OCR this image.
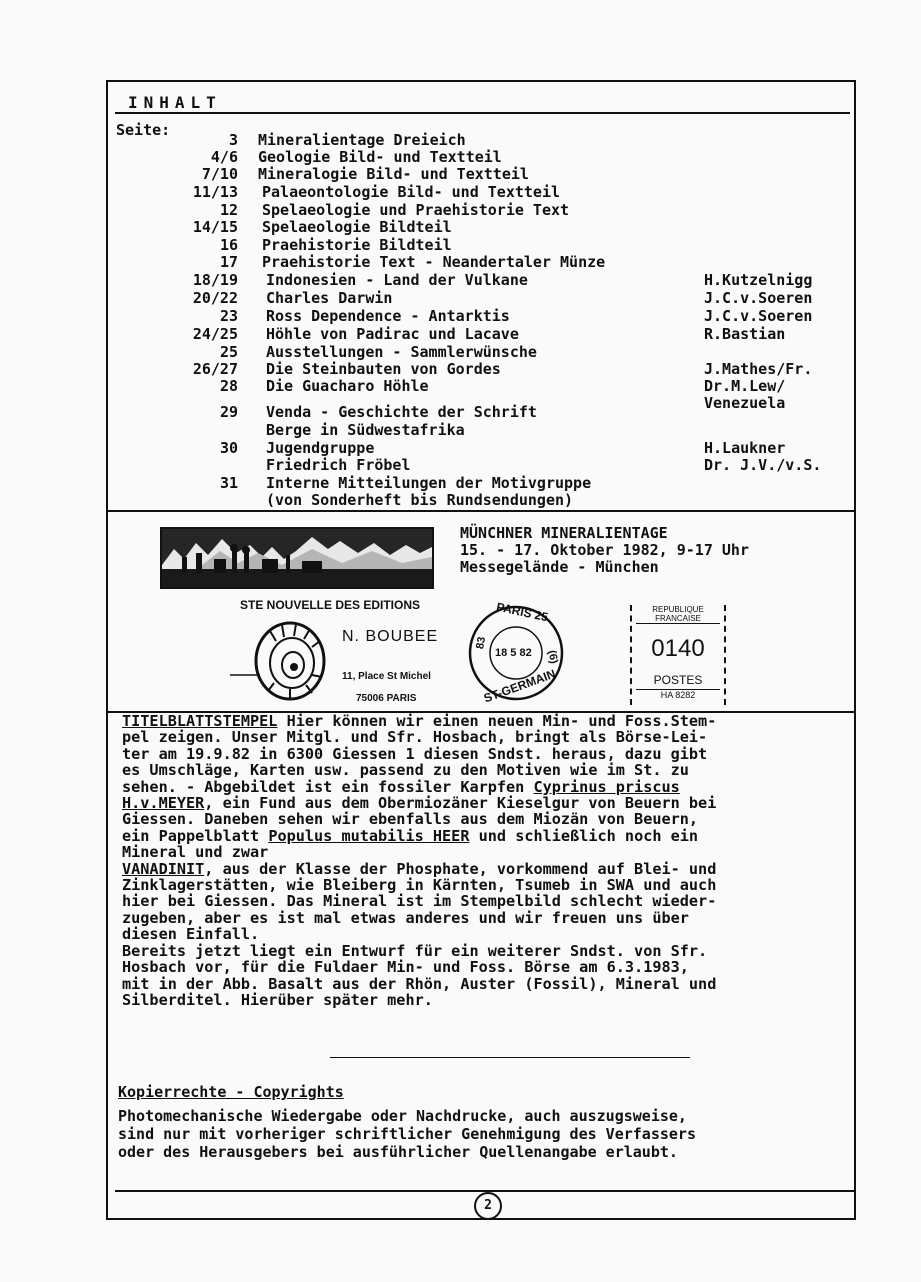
INHALT
Seite:
3 Mineralientage Dreieich
4/6 Geologie Bild- und Textteil
7/10 Mineralogie Bild- und Textteil
11/13 Palaeontologie Bild- und Textteil
12 Spelaeologie und Praehistorie Text
14/15 Spelaeologie Bildteil
16 Praehistorie Bildteil
17 Praehistorie Text - Neandertaler Münze
18/19 Indonesien - Land der Vulkane	H.Kutzelnigg
20/22 Charles Darwin	J.C.v.Soeren
23 Ross Dependence - Antarktis	J.C.v.Soeren
24/25 Höhle von Padirac und Lacave	R.Bastian
25 Ausstellungen - Sammlerwünsche
26/27 Die Steinbauten von Gordes	J.Mathes/Fr.
28 Die Guacharo Höhle	Dr.M.Lew/
Venezuela
29 Venda - Geschichte der Schrift
Berge in Südwestafrika
30 Jugendgruppe	H.Laukner
Friedrich Fröbel	Dr. J.V./v.S.
31 Interne Mitteilungen der Motivgruppe
(von Sonderheft bis Rundsendungen)
MÜNCHNER MINERALIENTAGE
15. - 17. Oktober 1982, 9-17 Uhr
Messegelände - München
STE NOUVELLE DES EDITIONS
N. BOUBEE
11, Place St Michel
75006 PARIS
PARIS 25
83
18 5 82 (6)
ST-GERMAIN
REPUBLIQUE FRANCAISE
0140
POSTES
HA 8282
TITELBLATTSTEMPEL Hier können wir einen neuen Min- und Foss.Stem-
pel zeigen. Unser Mitgl. und Sfr. Hosbach, bringt als Börse-Lei-
ter am 19.9.82 in 6300 Giessen 1 diesen Sndst. heraus, dazu gibt
es Umschläge, Karten usw. passend zu den Motiven wie im St. zu
sehen. - Abgebildet ist ein fossiler Karpfen Cyprinus priscus
H.v.MEYER, ein Fund aus dem Obermiozäner Kieselgur von Beuern bei
Giessen. Daneben sehen wir ebenfalls aus dem Miozän von Beuern,
ein Pappelblatt Populus mutabilis HEER und schließlich noch ein
Mineral und zwar
VANADINIT, aus der Klasse der Phosphate, vorkommend auf Blei- und
Zinklagerstätten, wie Bleiberg in Kärnten, Tsumeb in SWA und auch
hier bei Giessen. Das Mineral ist im Stempelbild schlecht wieder-
zugeben, aber es ist mal etwas anderes und wir freuen uns über
diesen Einfall.
Bereits jetzt liegt ein Entwurf für ein weiterer Sndst. von Sfr.
Hosbach vor, für die Fuldaer Min- und Foss. Börse am 6.3.1983,
mit in der Abb. Basalt aus der Rhön, Auster (Fossil), Mineral und
Silberditel. Hierüber später mehr.
Kopierrechte - Copyrights
Photomechanische Wiedergabe oder Nachdrucke, auch auszugsweise,
sind nur mit vorheriger schriftlicher Genehmigung des Verfassers
oder des Herausgebers bei ausführlicher Quellenangabe erlaubt.
2
